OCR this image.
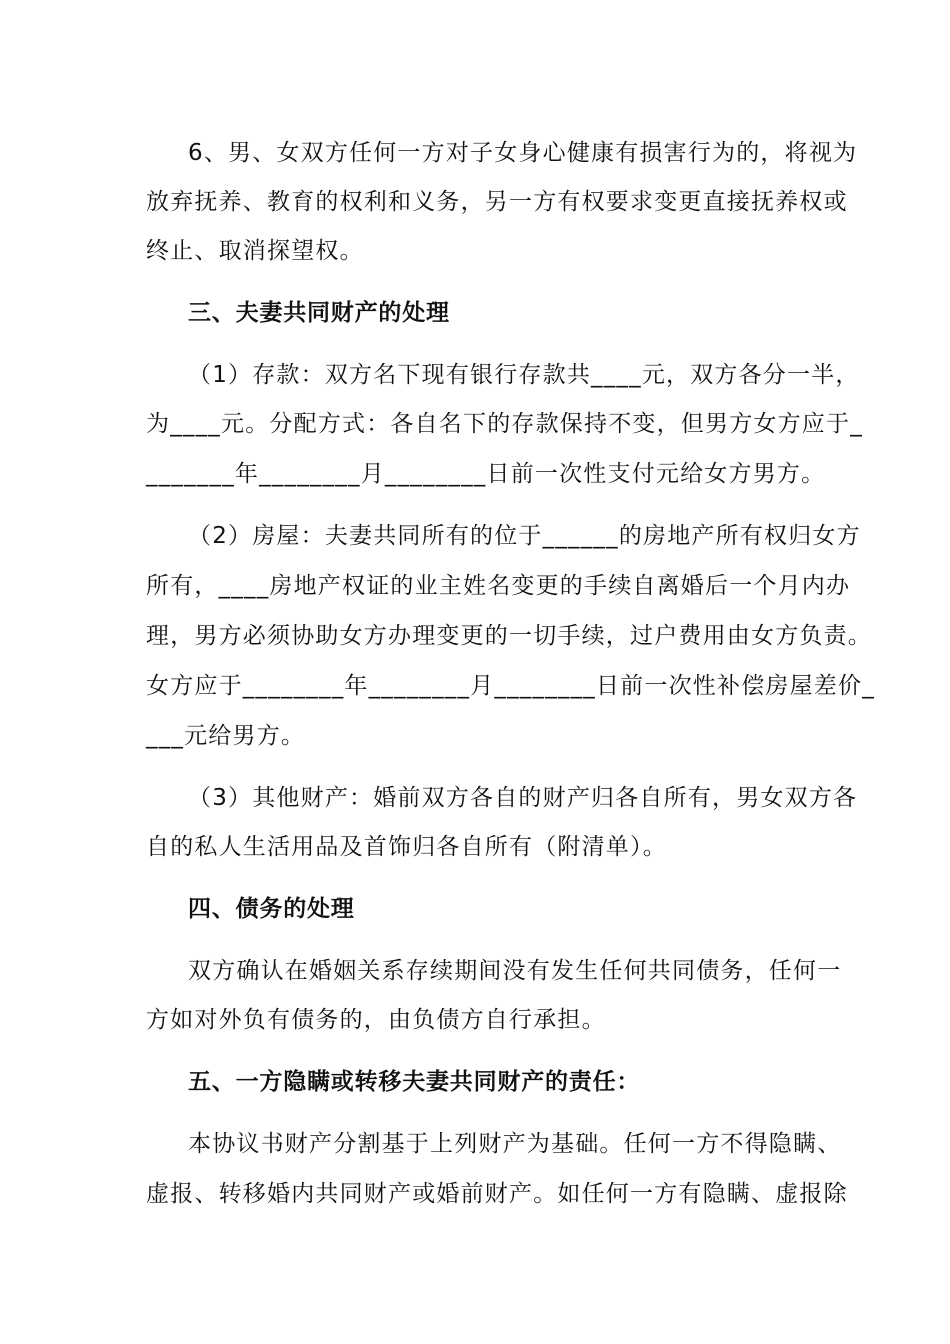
6、男、女双方任何一方对子女身心健康有损害行为的，将视为
放弃抚养、教育的权利和义务，另一方有权要求变更直接抚养权或
终止、取消探望权。
三、夫妻共同财产的处理
（1）存款：双方名下现有银行存款共____元，双方各分一半，
为____元。分配方式：各自名下的存款保持不变，但男方女方应于_
_______年________月________日前一次性支付元给女方男方。
（2）房屋：夫妻共同所有的位于______的房地产所有权归女方
所有，____房地产权证的业主姓名变更的手续自离婚后一个月内办
理，男方必须协助女方办理变更的一切手续，过户费用由女方负责。
女方应于________年________月________日前一次性补偿房屋差价_
___元给男方。
（3）其他财产：婚前双方各自的财产归各自所有，男女双方各
自的私人生活用品及首饰归各自所有（附清单）。
四、债务的处理
双方确认在婚姻关系存续期间没有发生任何共同债务，任何一
方如对外负有债务的，由负债方自行承担。
五、一方隐瞒或转移夫妻共同财产的责任：
本协议书财产分割基于上列财产为基础。任何一方不得隐瞒、
虚报、转移婚内共同财产或婚前财产。如任何一方有隐瞒、虚报除
